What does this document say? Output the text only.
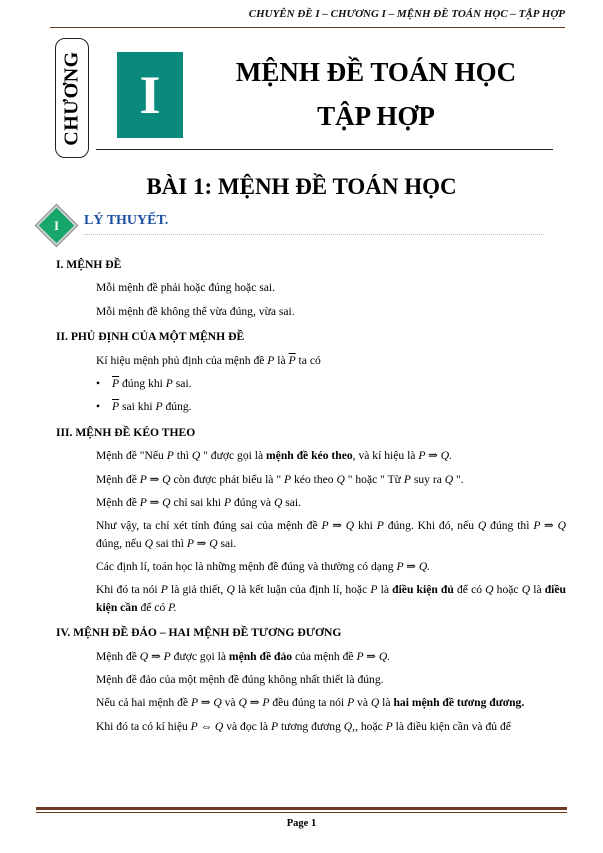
CHUYÊN ĐỀ I – CHƯƠNG I – MỆNH ĐỀ TOÁN HỌC – TẬP HỢP
CHƯƠNG I	MỆNH ĐỀ TOÁN HỌC
TẬP HỢP
BÀI 1: MỆNH ĐỀ TOÁN HỌC
I	LÝ THUYẾT.
I. MỆNH ĐỀ
Mỗi mệnh đề phải hoặc đúng hoặc sai.
Mỗi mệnh đề không thể vừa đúng, vừa sai.
II. PHỦ ĐỊNH CỦA MỘT MỆNH ĐỀ
Kí hiệu mệnh phủ định của mệnh đề P là $\overline{P}$ ta có
• $\overline{P}$ đúng khi P sai.
• $\overline{P}$ sai khi P đúng.
III. MỆNH ĐỀ KÉO THEO
Mệnh đề "Nếu P thì Q " được gọi là mệnh đề kéo theo, và kí hiệu là P ⇒ Q.
Mệnh đề P ⇒ Q còn được phát biểu là " P kéo theo Q " hoặc " Từ P suy ra Q ".
Mệnh đề P ⇒ Q chỉ sai khi P đúng và Q sai.
Như vậy, ta chỉ xét tính đúng sai của mệnh đề P ⇒ Q khi P đúng. Khi đó, nếu Q đúng thì P ⇒ Q đúng, nếu Q sai thì P ⇒ Q sai.
Các định lí, toán học là những mệnh đề đúng và thường có dạng P ⇒ Q.
Khi đó ta nói P là giả thiết, Q là kết luận của định lí, hoặc P là điều kiện đủ để có Q hoặc Q là điều kiện cần để có P.
IV. MỆNH ĐỀ ĐẢO – HAI MỆNH ĐỀ TƯƠNG ĐƯƠNG
Mệnh đề Q ⇒ P được gọi là mệnh đề đảo của mệnh đề P ⇒ Q.
Mệnh đề đảo của một mệnh đề đúng không nhất thiết là đúng.
Nếu cả hai mệnh đề P ⇒ Q và Q ⇒ P đều đúng ta nói P và Q là hai mệnh đề tương đương.
Khi đó ta có kí hiệu P ⇔ Q và đọc là P tương đương Q,, hoặc P là điều kiện cần và đủ để
Page 1
